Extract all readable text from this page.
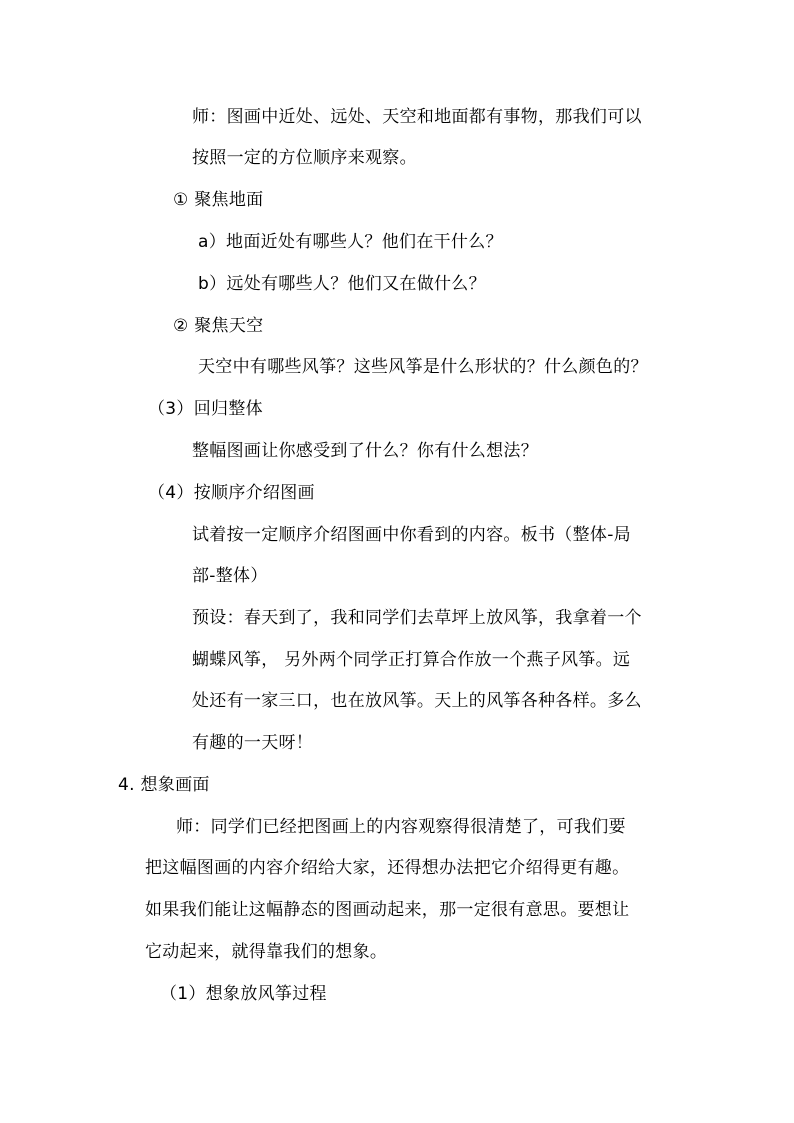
师：图画中近处、远处、天空和地面都有事物，那我们可以
按照一定的方位顺序来观察。
① 聚焦地面
a）地面近处有哪些人？他们在干什么？
b）远处有哪些人？他们又在做什么？
② 聚焦天空
天空中有哪些风筝？这些风筝是什么形状的？什么颜色的？
（3）回归整体
整幅图画让你感受到了什么？你有什么想法？
（4）按顺序介绍图画
试着按一定顺序介绍图画中你看到的内容。板书（整体-局
部-整体）
预设：春天到了，我和同学们去草坪上放风筝，我拿着一个
蝴蝶风筝， 另外两个同学正打算合作放一个燕子风筝。远
处还有一家三口，也在放风筝。天上的风筝各种各样。多么
有趣的一天呀！
4. 想象画面
师：同学们已经把图画上的内容观察得很清楚了，可我们要
把这幅图画的内容介绍给大家，还得想办法把它介绍得更有趣。
如果我们能让这幅静态的图画动起来，那一定很有意思。要想让
它动起来，就得靠我们的想象。
（1）想象放风筝过程
